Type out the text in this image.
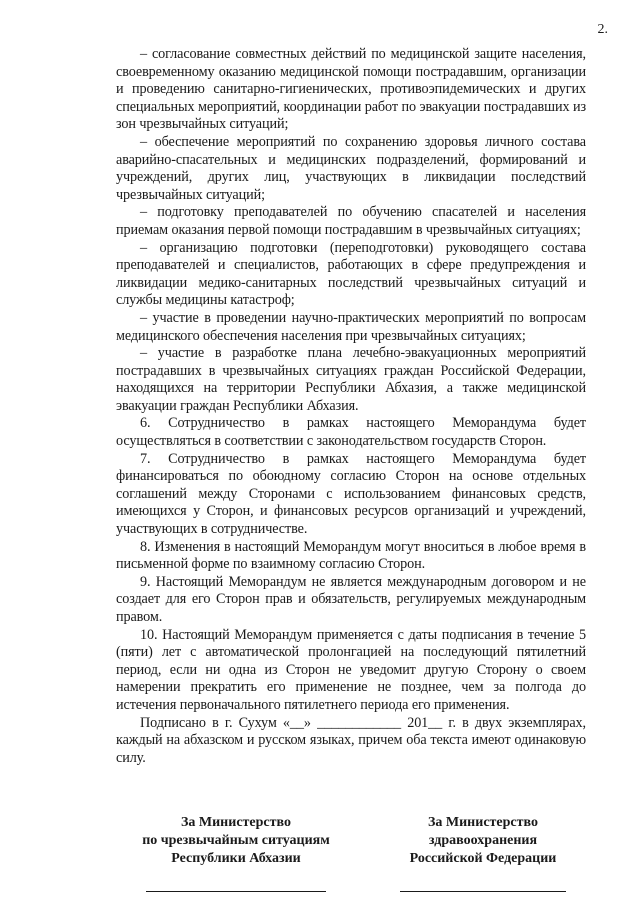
2.

– согласование совместных действий по медицинской защите населения, своевременному оказанию медицинской помощи пострадавшим, организации и проведению санитарно-гигиенических, противоэпидемических и других специальных мероприятий, координации работ по эвакуации пострадавших из зон чрезвычайных ситуаций;

– обеспечение мероприятий по сохранению здоровья личного состава аварийно-спасательных и медицинских подразделений, формирований и учреждений, других лиц, участвующих в ликвидации последствий чрезвычайных ситуаций;

– подготовку преподавателей по обучению спасателей и населения приемам оказания первой помощи пострадавшим в чрезвычайных ситуациях;

– организацию подготовки (переподготовки) руководящего состава преподавателей и специалистов, работающих в сфере предупреждения и ликвидации медико-санитарных последствий чрезвычайных ситуаций и службы медицины катастроф;

– участие в проведении научно-практических мероприятий по вопросам медицинского обеспечения населения при чрезвычайных ситуациях;

– участие в разработке плана лечебно-эвакуационных мероприятий пострадавших в чрезвычайных ситуациях граждан Российской Федерации, находящихся на территории Республики Абхазия, а также медицинской эвакуации граждан Республики Абхазия.

6. Сотрудничество в рамках настоящего Меморандума будет осуществляться в соответствии с законодательством государств Сторон.

7. Сотрудничество в рамках настоящего Меморандума будет финансироваться по обоюдному согласию Сторон на основе отдельных соглашений между Сторонами с использованием финансовых средств, имеющихся у Сторон, и финансовых ресурсов организаций и учреждений, участвующих в сотрудничестве.

8. Изменения в настоящий Меморандум могут вноситься в любое время в письменной форме по взаимному согласию Сторон.

9. Настоящий Меморандум не является международным договором и не создает для его Сторон прав и обязательств, регулируемых международным правом.

10. Настоящий Меморандум применяется с даты подписания в течение 5 (пяти) лет с автоматической пролонгацией на последующий пятилетний период, если ни одна из Сторон не уведомит другую Сторону о своем намерении прекратить его применение не позднее, чем за полгода до истечения первоначального пятилетнего периода его применения.

Подписано в г. Сухум «__» ____________ 201__ г. в двух экземплярах, каждый на абхазском и русском языках, причем оба текста имеют одинаковую силу.

За Министерство
по чрезвычайным ситуациям
Республики Абхазии
За Министерство
здравоохранения
Российской Федерации
